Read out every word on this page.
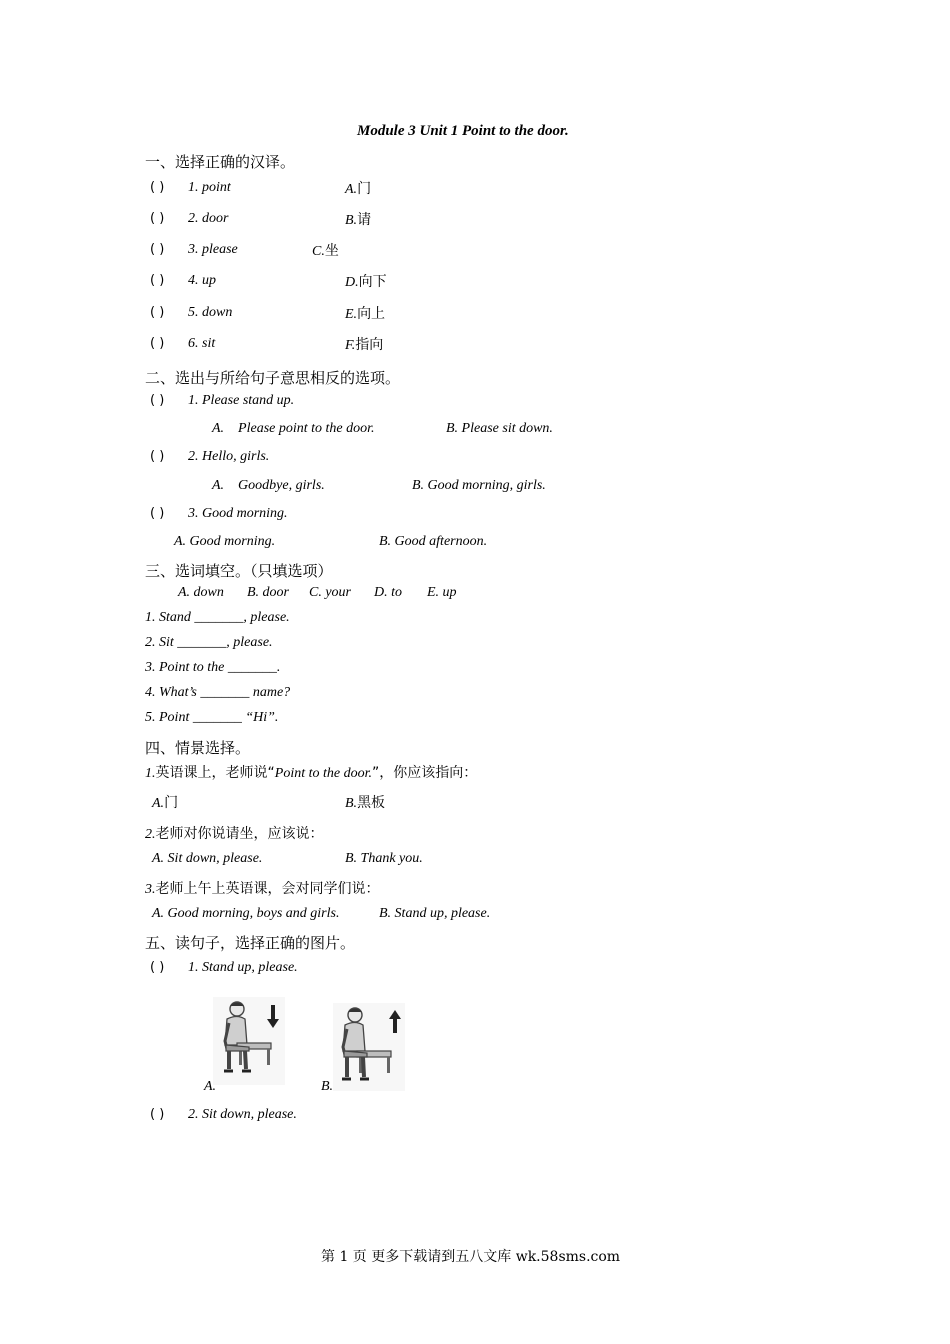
Module 3 Unit 1 Point to the door.
一、选择正确的汉译。
( ) 1. point	A.门
( ) 2. door	B.请
( ) 3. please	C.坐
( ) 4. up	D.向下
( ) 5. down	E.向上
( ) 6. sit	F.指向
二、选出与所给句子意思相反的选项。
( ) 1. Please stand up.
A.    Please point to the door.	B. Please sit down.
( ) 2. Hello, girls.
A.    Goodbye, girls.	B. Good morning, girls.
( ) 3. Good morning.
A. Good morning.	B. Good afternoon.
三、选词填空。（只填选项）
A. down B. door C. your D. to E. up
1. Stand _______, please.
2. Sit _______, please.
3. Point to the _______.
4. What’s _______ name?
5. Point _______ “Hi”.
四、情景选择。
1.英语课上，老师说“Point to the door.”，你应该指向：
A.门	B.黑板
2.老师对你说请坐，应该说：
A. Sit down, please.	B. Thank you.
3.老师上午上英语课，会对同学们说：
A. Good morning, boys and girls.	B. Stand up, please.
五、读句子，选择正确的图片。
( ) 1. Stand up, please.
A.	B.
( ) 2. Sit down, please.
第 1 页 更多下载请到五八文库 wk.58sms.com
